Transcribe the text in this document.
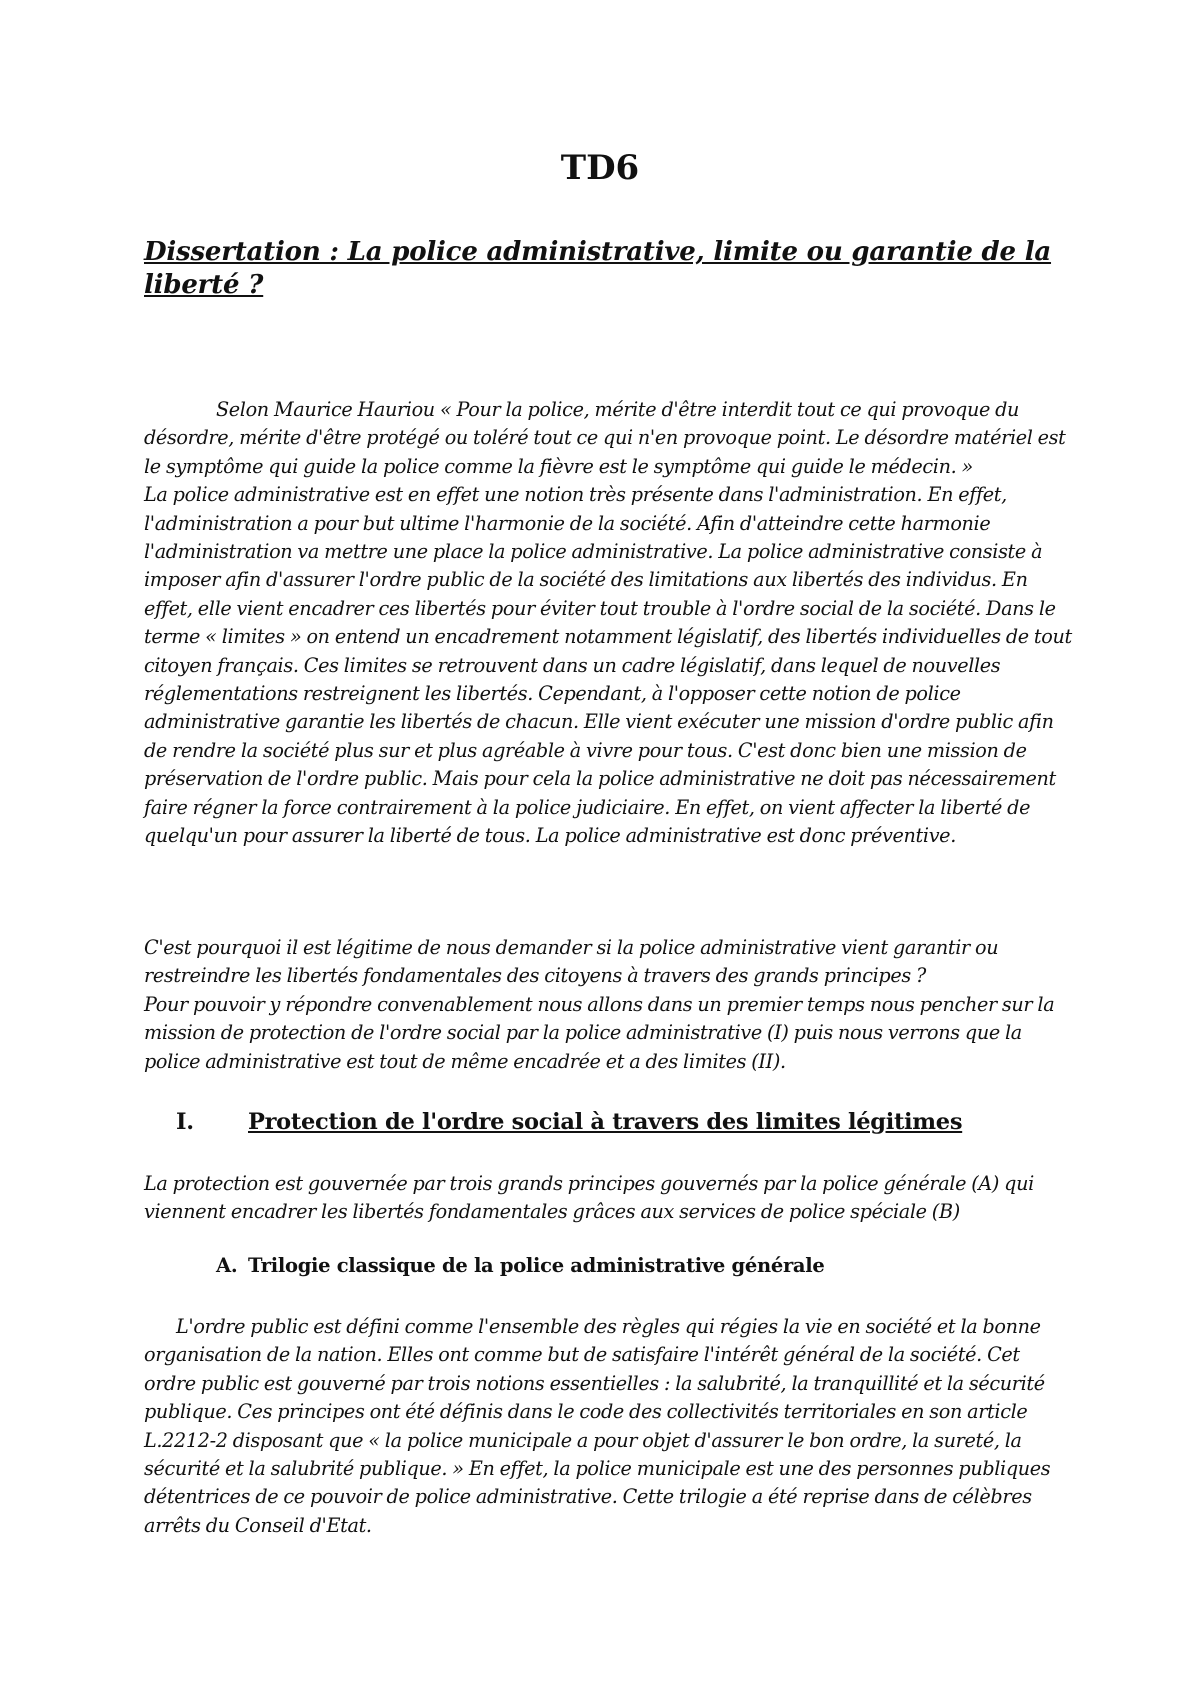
TD6
Dissertation : La police administrative, limite ou garantie de la liberté ?

Selon Maurice Hauriou « Pour la police, mérite d'être interdit tout ce qui provoque du désordre, mérite d'être protégé ou toléré tout ce qui n'en provoque point. Le désordre matériel est le symptôme qui guide la police comme la fièvre est le symptôme qui guide le médecin. »

La police administrative est en effet une notion très présente dans l'administration. En effet, l'administration a pour but ultime l'harmonie de la société. Afin d'atteindre cette harmonie l'administration va mettre une place la police administrative. La police administrative consiste à imposer afin d'assurer l'ordre public de la société des limitations aux libertés des individus. En effet, elle vient encadrer ces libertés pour éviter tout trouble à l'ordre social de la société. Dans le terme « limites » on entend un encadrement notamment législatif, des libertés individuelles de tout citoyen français. Ces limites se retrouvent dans un cadre législatif, dans lequel de nouvelles réglementations restreignent les libertés. Cependant, à l'opposer cette notion de police administrative garantie les libertés de chacun. Elle vient exécuter une mission d'ordre public afin de rendre la société plus sur et plus agréable à vivre pour tous. C'est donc bien une mission de préservation de l'ordre public. Mais pour cela la police administrative ne doit pas nécessairement faire régner la force contrairement à la police judiciaire. En effet, on vient affecter la liberté de quelqu'un pour assurer la liberté de tous. La police administrative est donc préventive.

C'est pourquoi il est légitime de nous demander si la police administrative vient garantir ou restreindre les libertés fondamentales des citoyens à travers des grands principes ?

Pour pouvoir y répondre convenablement nous allons dans un premier temps nous pencher sur la mission de protection de l'ordre social par la police administrative (I) puis nous verrons que la police administrative est tout de même encadrée et a des limites (II).

I. Protection de l'ordre social à travers des limites légitimes

La protection est gouvernée par trois grands principes gouvernés par la police générale (A) qui viennent encadrer les libertés fondamentales grâces aux services de police spéciale (B)

A. Trilogie classique de la police administrative générale

L'ordre public est défini comme l'ensemble des règles qui régies la vie en société et la bonne organisation de la nation. Elles ont comme but de satisfaire l'intérêt général de la société. Cet ordre public est gouverné par trois notions essentielles : la salubrité, la tranquillité et la sécurité publique. Ces principes ont été définis dans le code des collectivités territoriales en son article L.2212-2 disposant que « la police municipale a pour objet d'assurer le bon ordre, la sureté, la sécurité et la salubrité publique. » En effet, la police municipale est une des personnes publiques détentrices de ce pouvoir de police administrative. Cette trilogie a été reprise dans de célèbres arrêts du Conseil d'Etat.
